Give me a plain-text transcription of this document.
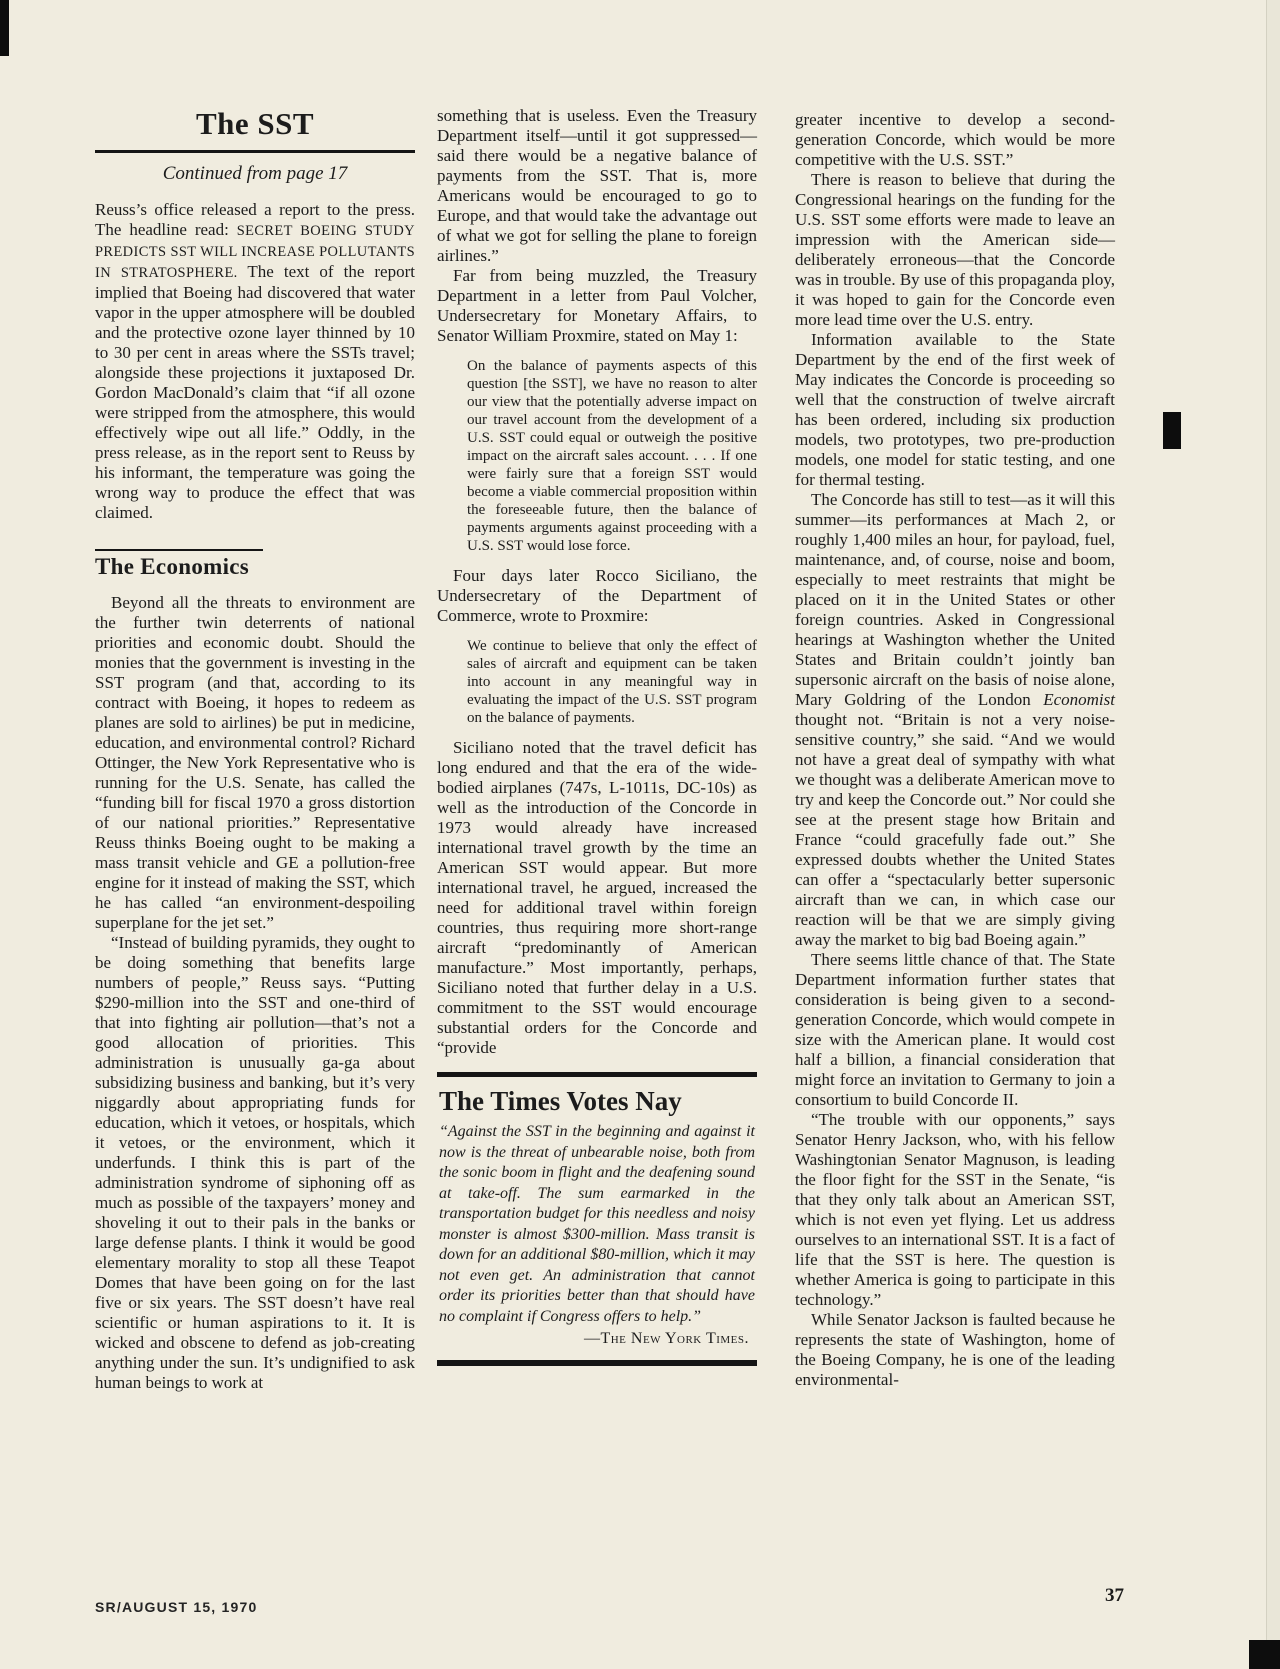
The SST

Continued from page 17

Reuss’s office released a report to the press. The headline read: SECRET BOEING STUDY PREDICTS SST WILL INCREASE POLLUTANTS IN STRATOSPHERE. The text of the report implied that Boeing had discovered that water vapor in the upper atmosphere will be doubled and the protective ozone layer thinned by 10 to 30 per cent in areas where the SSTs travel; alongside these projections it juxtaposed Dr. Gordon MacDonald’s claim that “if all ozone were stripped from the atmosphere, this would effectively wipe out all life.” Oddly, in the press release, as in the report sent to Reuss by his informant, the temperature was going the wrong way to produce the effect that was claimed.

The Economics

Beyond all the threats to environment are the further twin deterrents of national priorities and economic doubt. Should the monies that the government is investing in the SST program (and that, according to its contract with Boeing, it hopes to redeem as planes are sold to airlines) be put in medicine, education, and environmental control? Richard Ottinger, the New York Representative who is running for the U.S. Senate, has called the “funding bill for fiscal 1970 a gross distortion of our national priorities.” Representative Reuss thinks Boeing ought to be making a mass transit vehicle and GE a pollution-free engine for it instead of making the SST, which he has called “an environment-despoiling superplane for the jet set.”

“Instead of building pyramids, they ought to be doing something that benefits large numbers of people,” Reuss says. “Putting $290-million into the SST and one-third of that into fighting air pollution—that’s not a good allocation of priorities. This administration is unusually ga-ga about subsidizing business and banking, but it’s very niggardly about appropriating funds for education, which it vetoes, or hospitals, which it vetoes, or the environment, which it underfunds. I think this is part of the administration syndrome of siphoning off as much as possible of the taxpayers’ money and shoveling it out to their pals in the banks or large defense plants. I think it would be good elementary morality to stop all these Teapot Domes that have been going on for the last five or six years. The SST doesn’t have real scientific or human aspirations to it. It is wicked and obscene to defend as job-creating anything under the sun. It’s undignified to ask human beings to work at

something that is useless. Even the Treasury Department itself—until it got suppressed—said there would be a negative balance of payments from the SST. That is, more Americans would be encouraged to go to Europe, and that would take the advantage out of what we got for selling the plane to foreign airlines.”

Far from being muzzled, the Treasury Department in a letter from Paul Volcher, Undersecretary for Monetary Affairs, to Senator William Proxmire, stated on May 1:

On the balance of payments aspects of this question [the SST], we have no reason to alter our view that the potentially adverse impact on our travel account from the development of a U.S. SST could equal or outweigh the positive impact on the aircraft sales account. . . . If one were fairly sure that a foreign SST would become a viable commercial proposition within the foreseeable future, then the balance of payments arguments against proceeding with a U.S. SST would lose force.

Four days later Rocco Siciliano, the Undersecretary of the Department of Commerce, wrote to Proxmire:

We continue to believe that only the effect of sales of aircraft and equipment can be taken into account in any meaningful way in evaluating the impact of the U.S. SST program on the balance of payments.

Siciliano noted that the travel deficit has long endured and that the era of the wide-bodied airplanes (747s, L-1011s, DC-10s) as well as the introduction of the Concorde in 1973 would already have increased international travel growth by the time an American SST would appear. But more international travel, he argued, increased the need for additional travel within foreign countries, thus requiring more short-range aircraft “predominantly of American manufacture.” Most importantly, perhaps, Siciliano noted that further delay in a U.S. commitment to the SST would encourage substantial orders for the Concorde and “provide

The Times Votes Nay

“Against the SST in the beginning and against it now is the threat of unbearable noise, both from the sonic boom in flight and the deafening sound at take-off. The sum earmarked in the transportation budget for this needless and noisy monster is almost $300-million. Mass transit is down for an additional $80-million, which it may not even get. An administration that cannot order its priorities better than that should have no complaint if Congress offers to help.”

—The New York Times.

greater incentive to develop a second-generation Concorde, which would be more competitive with the U.S. SST.”

There is reason to believe that during the Congressional hearings on the funding for the U.S. SST some efforts were made to leave an impression with the American side—deliberately erroneous—that the Concorde was in trouble. By use of this propaganda ploy, it was hoped to gain for the Concorde even more lead time over the U.S. entry.

Information available to the State Department by the end of the first week of May indicates the Concorde is proceeding so well that the construction of twelve aircraft has been ordered, including six production models, two prototypes, two pre-production models, one model for static testing, and one for thermal testing.

The Concorde has still to test—as it will this summer—its performances at Mach 2, or roughly 1,400 miles an hour, for payload, fuel, maintenance, and, of course, noise and boom, especially to meet restraints that might be placed on it in the United States or other foreign countries. Asked in Congressional hearings at Washington whether the United States and Britain couldn’t jointly ban supersonic aircraft on the basis of noise alone, Mary Goldring of the London Economist thought not. “Britain is not a very noise-sensitive country,” she said. “And we would not have a great deal of sympathy with what we thought was a deliberate American move to try and keep the Concorde out.” Nor could she see at the present stage how Britain and France “could gracefully fade out.” She expressed doubts whether the United States can offer a “spectacularly better supersonic aircraft than we can, in which case our reaction will be that we are simply giving away the market to big bad Boeing again.”

There seems little chance of that. The State Department information further states that consideration is being given to a second-generation Concorde, which would compete in size with the American plane. It would cost half a billion, a financial consideration that might force an invitation to Germany to join a consortium to build Concorde II.

“The trouble with our opponents,” says Senator Henry Jackson, who, with his fellow Washingtonian Senator Magnuson, is leading the floor fight for the SST in the Senate, “is that they only talk about an American SST, which is not even yet flying. Let us address ourselves to an international SST. It is a fact of life that the SST is here. The question is whether America is going to participate in this technology.”

While Senator Jackson is faulted because he represents the state of Washington, home of the Boeing Company, he is one of the leading environmental-

SR/AUGUST 15, 1970
37
